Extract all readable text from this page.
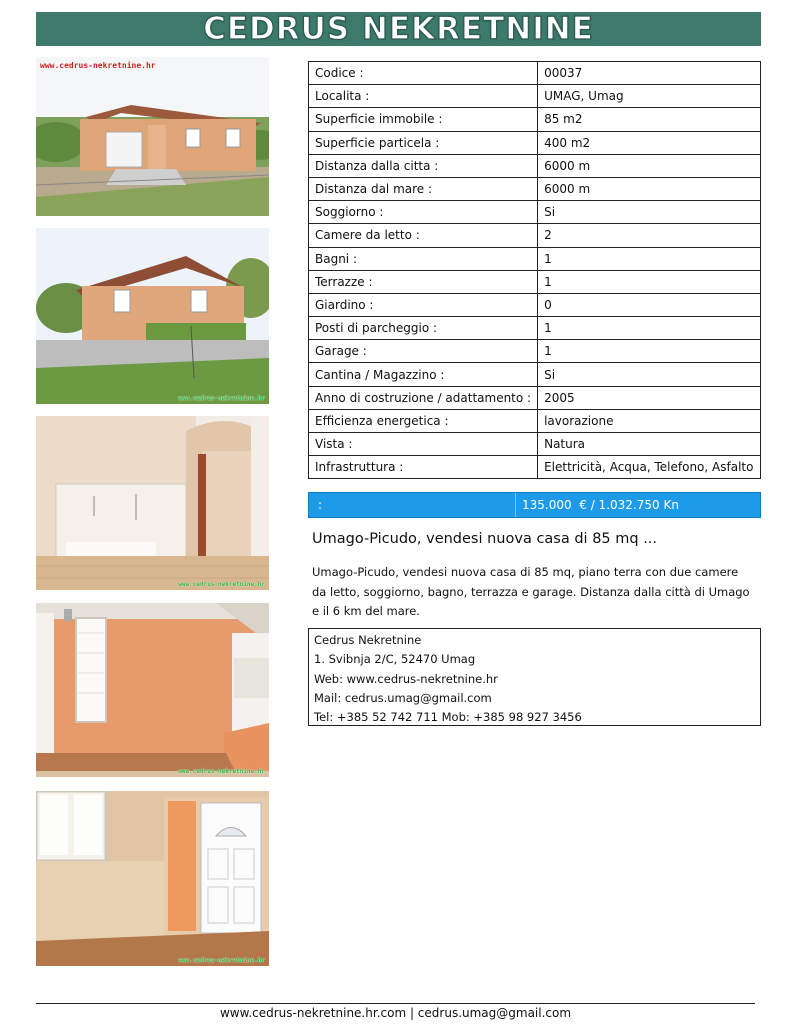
CEDRUS NEKRETNINE
www.cedrus-nekretnine.hr
www.cedrus-nekretnine.hr
www.cedrus-nekretnine.hr
www.cedrus-nekretnine.hr
www.cedrus-nekretnine.hr
Codice :	00037
Localita :	UMAG, Umag
Superficie immobile :	85 m2
Superficie particela :	400 m2
Distanza dalla citta :	6000 m
Distanza dal mare :	6000 m
Soggiorno :	Si
Camere da letto :	2
Bagni :	1
Terrazze :	1
Giardino :	0
Posti di parcheggio :	1
Garage :	1
Cantina / Magazzino :	Si
Anno di costruzione / adattamento :	2005
Efficienza energetica :	lavorazione
Vista :	Natura
Infrastruttura :	Elettricità, Acqua, Telefono, Asfalto
:	135.000  € / 1.032.750 Kn
Umago-Picudo, vendesi nuova casa di 85 mq ...
Umago-Picudo, vendesi nuova casa di 85 mq, piano terra con due camere da letto, soggiorno, bagno, terrazza e garage. Distanza dalla città di Umago e il 6 km del mare.
Cedrus Nekretnine
1. Svibnja 2/C, 52470 Umag
Web: www.cedrus-nekretnine.hr
Mail: cedrus.umag@gmail.com
Tel: +385 52 742 711 Mob: +385 98 927 3456
www.cedrus-nekretnine.hr.com | cedrus.umag@gmail.com
